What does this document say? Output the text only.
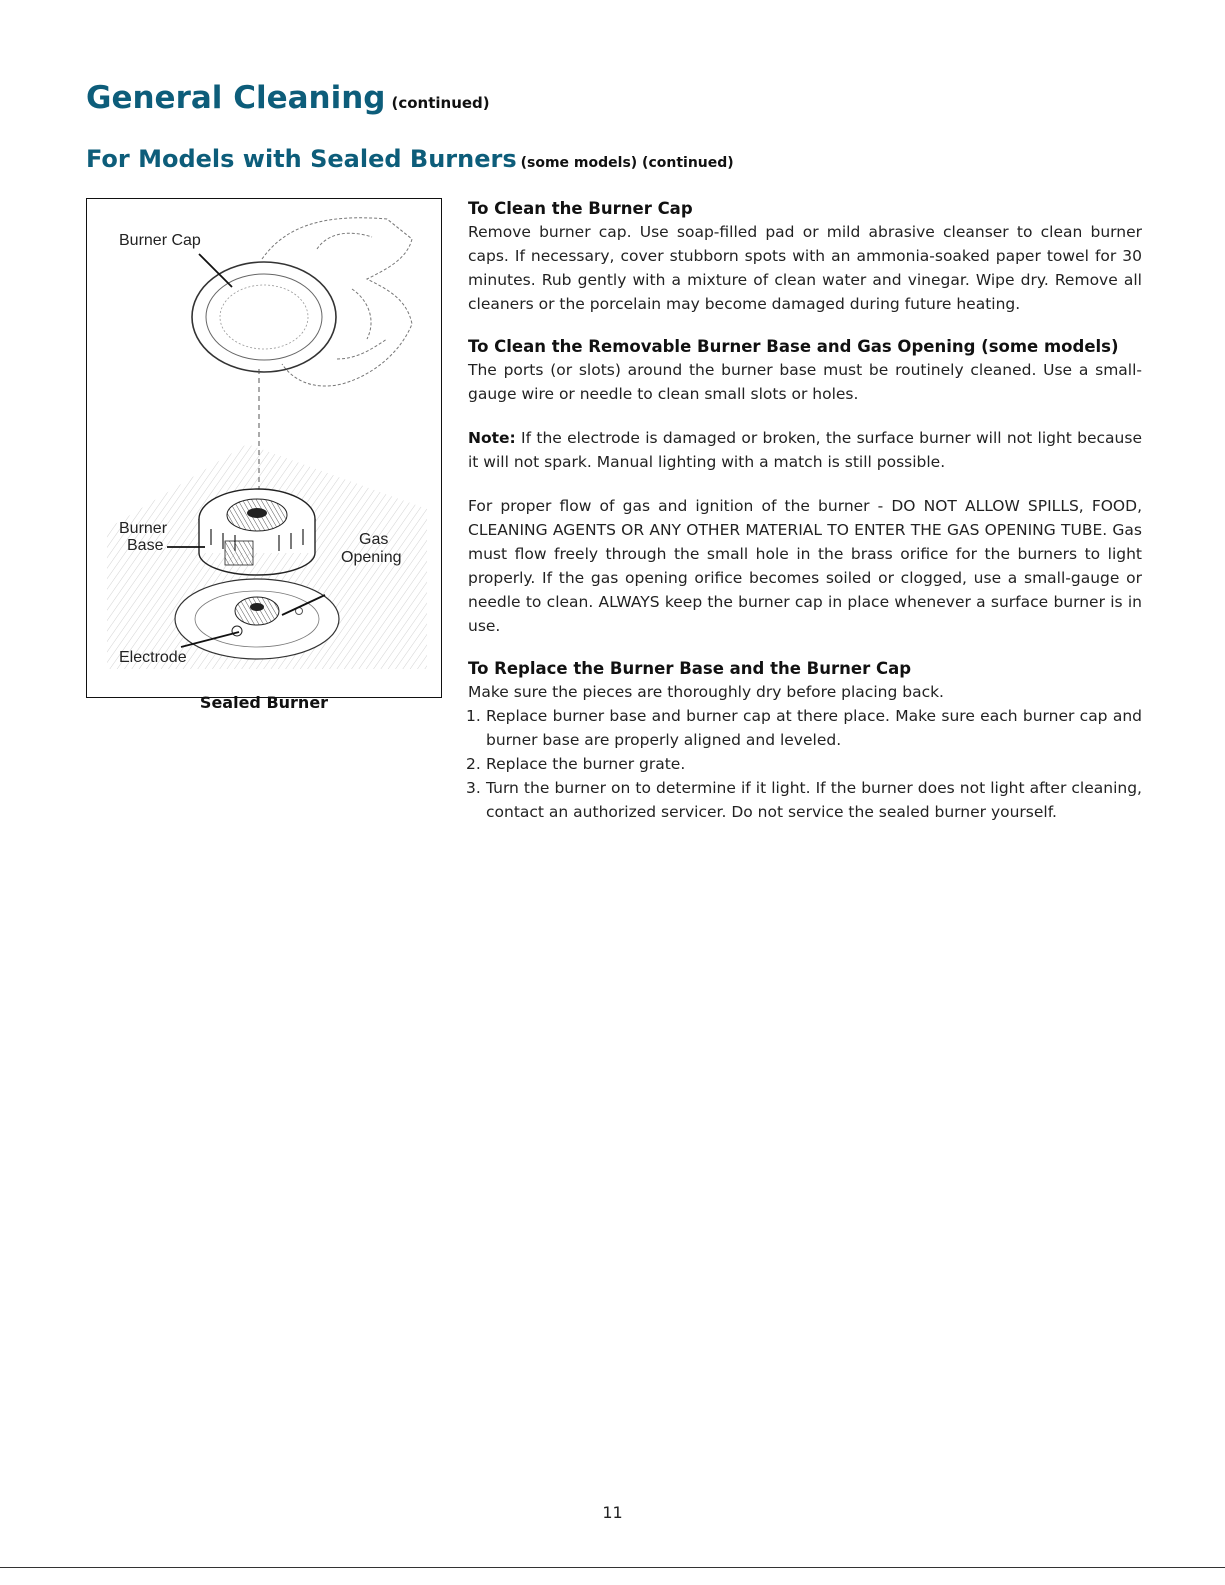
General Cleaning (continued)
For Models with Sealed Burners (some models) (continued)
Burner Cap
Burner
Base	Gas
Opening
Electrode
Sealed Burner
To Clean the Burner Cap

Remove burner cap. Use soap-filled pad or mild abrasive cleanser to clean burner caps. If necessary, cover stubborn spots with an ammonia-soaked paper towel for 30 minutes. Rub gently with a mixture of clean water and vinegar. Wipe dry. Remove all cleaners or the porcelain may become damaged during future heating.

To Clean the Removable Burner Base and Gas Opening (some models)

The ports (or slots) around the burner base must be routinely cleaned. Use a small-gauge wire or needle to clean small slots or holes.

Note: If the electrode is damaged or broken, the surface burner will not light because it will not spark. Manual lighting with a match is still possible.

For proper flow of gas and ignition of the burner - DO NOT ALLOW SPILLS, FOOD, CLEANING AGENTS OR ANY OTHER MATERIAL TO ENTER THE GAS OPENING TUBE. Gas must flow freely through the small hole in the brass orifice for the burners to light properly. If the gas opening orifice becomes soiled or clogged, use a small-gauge or needle to clean. ALWAYS keep the burner cap in place whenever a surface burner is in use.

To Replace the Burner Base and the Burner Cap

Make sure the pieces are thoroughly dry before placing back.

1. Replace burner base and burner cap at there place. Make sure each burner cap and burner base are properly aligned and leveled.
2. Replace the burner grate.
3. Turn the burner on to determine if it light. If the burner does not light after cleaning, contact an authorized servicer. Do not service the sealed burner yourself.
11
